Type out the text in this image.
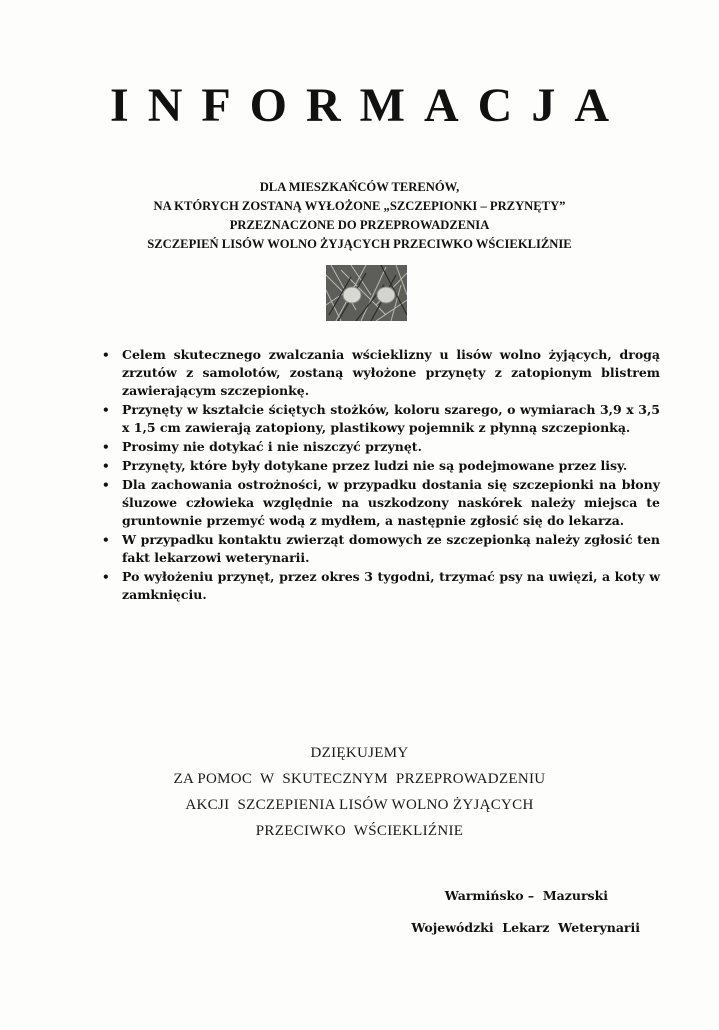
INFORMACJA
DLA MIESZKAŃCÓW TERENÓW,
NA KTÓRYCH ZOSTANĄ WYŁOŻONE „SZCZEPIONKI – PRZYNĘTY”
PRZEZNACZONE DO PRZEPROWADZENIA
SZCZEPIEŃ LISÓW WOLNO ŻYJĄCYCH PRZECIWKO WŚCIEKLIŹNIE
• Celem skutecznego zwalczania wścieklizny u lisów wolno żyjących, drogą zrzutów z samolotów, zostaną wyłożone przynęty z zatopionym blistrem zawierającym szczepionkę.
• Przynęty w kształcie ściętych stożków, koloru szarego, o wymiarach 3,9 x 3,5 x 1,5 cm zawierają zatopiony, plastikowy pojemnik z płynną szczepionką.
• Prosimy nie dotykać i nie niszczyć przynęt.
• Przynęty, które były dotykane przez ludzi nie są podejmowane przez lisy.
• Dla zachowania ostrożności, w przypadku dostania się szczepionki na błony śluzowe człowieka względnie na uszkodzony naskórek należy miejsca te gruntownie przemyć wodą z mydłem, a następnie zgłosić się do lekarza.
• W przypadku kontaktu zwierząt domowych ze szczepionką należy zgłosić ten fakt lekarzowi weterynarii.
• Po wyłożeniu przynęt, przez okres 3 tygodni, trzymać psy na uwięzi, a koty w zamknięciu.
DZIĘKUJEMY
ZA POMOC  W  SKUTECZNYM  PRZEPROWADZENIU
AKCJI  SZCZEPIENIA LISÓW WOLNO ŻYJĄCYCH
PRZECIWKO  WŚCIEKLIŹNIE
Warmińsko –  Mazurski
Wojewódzki  Lekarz  Weterynarii
